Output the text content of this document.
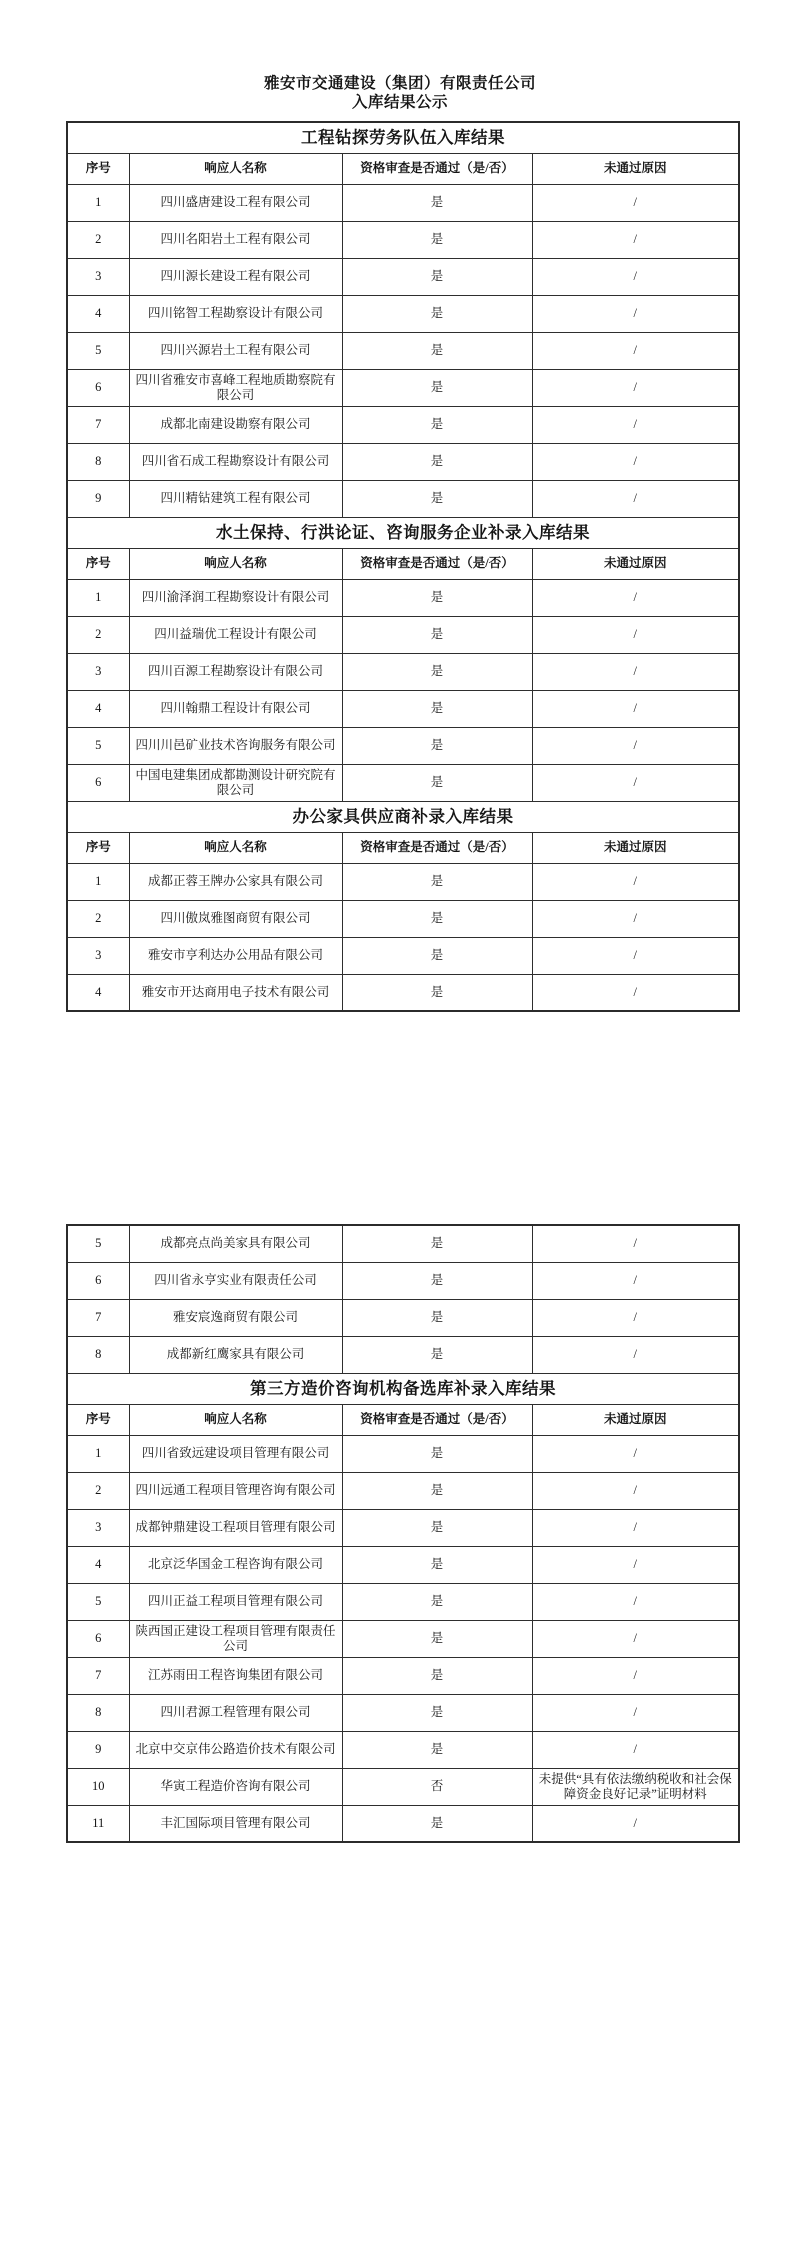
雅安市交通建设（集团）有限责任公司
入库结果公示
工程钻探劳务队伍入库结果			
序号	响应人名称	资格审查是否通过（是/否）	未通过原因
1	四川盛唐建设工程有限公司	是	/
2	四川名阳岩土工程有限公司	是	/
3	四川源长建设工程有限公司	是	/
4	四川铭智工程勘察设计有限公司	是	/
5	四川兴源岩土工程有限公司	是	/
6	四川省雅安市喜峰工程地质勘察院有限公司	是	/
7	成都北南建设勘察有限公司	是	/
8	四川省石成工程勘察设计有限公司	是	/
9	四川精钻建筑工程有限公司	是	/
水土保持、行洪论证、咨询服务企业补录入库结果			
序号	响应人名称	资格审查是否通过（是/否）	未通过原因
1	四川渝泽润工程勘察设计有限公司	是	/
2	四川益瑞优工程设计有限公司	是	/
3	四川百源工程勘察设计有限公司	是	/
4	四川翰鼎工程设计有限公司	是	/
5	四川川邑矿业技术咨询服务有限公司	是	/
6	中国电建集团成都勘测设计研究院有限公司	是	/
办公家具供应商补录入库结果			
序号	响应人名称	资格审查是否通过（是/否）	未通过原因
1	成都正蓉王牌办公家具有限公司	是	/
2	四川傲岚雅图商贸有限公司	是	/
3	雅安市亨利达办公用品有限公司	是	/
4	雅安市开达商用电子技术有限公司	是	/
5	成都亮点尚美家具有限公司	是	/
6	四川省永亨实业有限责任公司	是	/
7	雅安宸逸商贸有限公司	是	/
8	成都新红鹰家具有限公司	是	/
第三方造价咨询机构备选库补录入库结果			
序号	响应人名称	资格审查是否通过（是/否）	未通过原因
1	四川省致远建设项目管理有限公司	是	/
2	四川远通工程项目管理咨询有限公司	是	/
3	成都钟鼎建设工程项目管理有限公司	是	/
4	北京泛华国金工程咨询有限公司	是	/
5	四川正益工程项目管理有限公司	是	/
6	陕西国正建设工程项目管理有限责任公司	是	/
7	江苏雨田工程咨询集团有限公司	是	/
8	四川君源工程管理有限公司	是	/
9	北京中交京伟公路造价技术有限公司	是	/
10	华寅工程造价咨询有限公司	否	未提供“具有依法缴纳税收和社会保障资金良好记录”证明材料
11	丰汇国际项目管理有限公司	是	/
